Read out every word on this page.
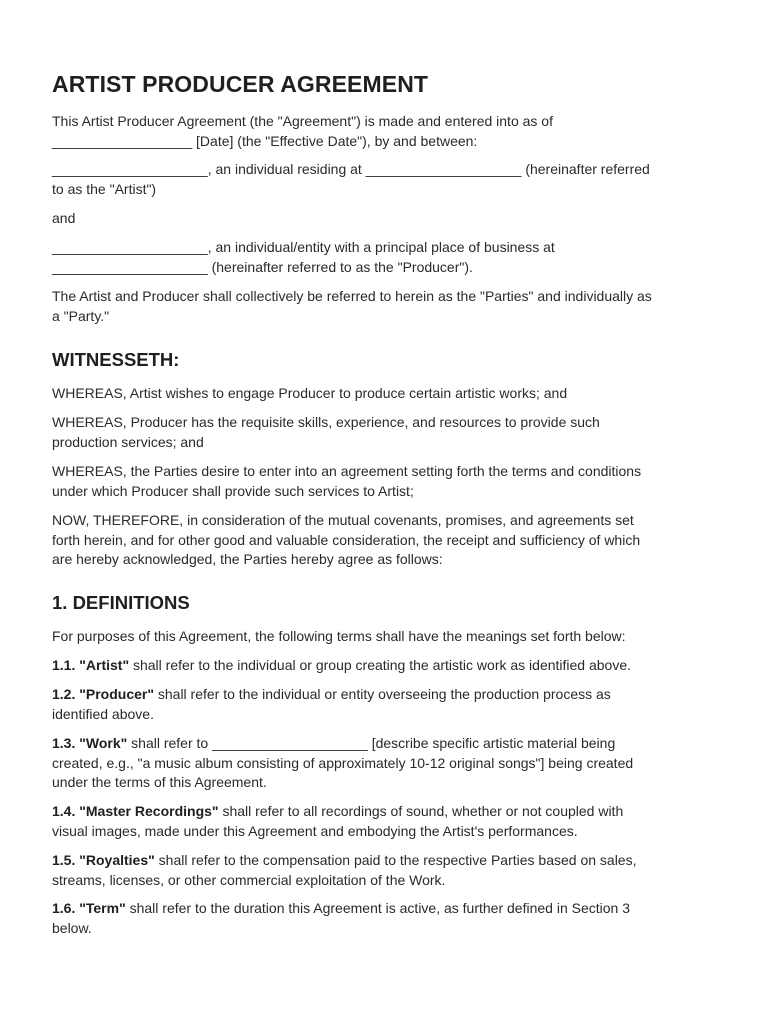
ARTIST PRODUCER AGREEMENT

This Artist Producer Agreement (the "Agreement") is made and entered into as of

__________________ [Date] (the "Effective Date"), by and between:

____________________, an individual residing at ____________________ (hereinafter referred

to as the "Artist")

and

____________________, an individual/entity with a principal place of business at

____________________ (hereinafter referred to as the "Producer").

The Artist and Producer shall collectively be referred to herein as the "Parties" and individually as

a "Party."

WITNESSETH:

WHEREAS, Artist wishes to engage Producer to produce certain artistic works; and

WHEREAS, Producer has the requisite skills, experience, and resources to provide such

production services; and

WHEREAS, the Parties desire to enter into an agreement setting forth the terms and conditions

under which Producer shall provide such services to Artist;

NOW, THEREFORE, in consideration of the mutual covenants, promises, and agreements set

forth herein, and for other good and valuable consideration, the receipt and sufficiency of which

are hereby acknowledged, the Parties hereby agree as follows:

1. DEFINITIONS

For purposes of this Agreement, the following terms shall have the meanings set forth below:

1.1. "Artist" shall refer to the individual or group creating the artistic work as identified above.

1.2. "Producer" shall refer to the individual or entity overseeing the production process as

identified above.

1.3. "Work" shall refer to ____________________ [describe specific artistic material being

created, e.g., "a music album consisting of approximately 10-12 original songs"] being created

under the terms of this Agreement.

1.4. "Master Recordings" shall refer to all recordings of sound, whether or not coupled with

visual images, made under this Agreement and embodying the Artist's performances.

1.5. "Royalties" shall refer to the compensation paid to the respective Parties based on sales,

streams, licenses, or other commercial exploitation of the Work.

1.6. "Term" shall refer to the duration this Agreement is active, as further defined in Section 3

below.
